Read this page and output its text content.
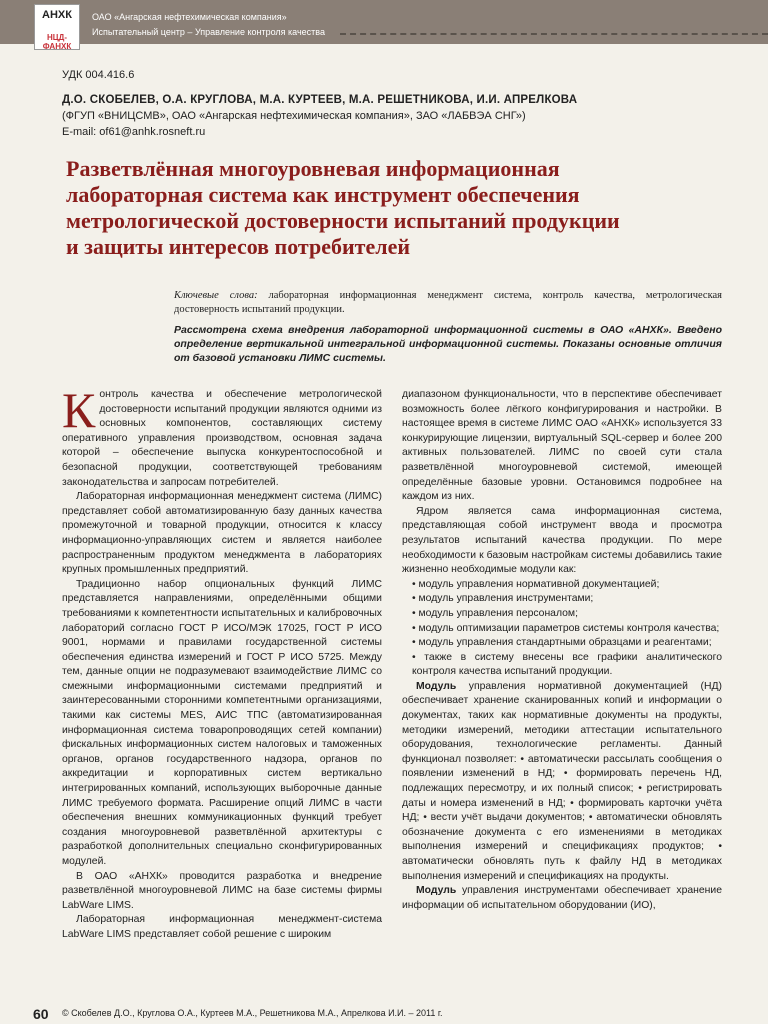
АНХК
НЦД-ФАНХК
ОАО «Ангарская нефтехимическая компания»
Испытательный центр – Управление контроля качества
УДК 004.416.6
Д.О. СКОБЕЛЕВ, О.А. КРУГЛОВА, М.А. КУРТЕЕВ, М.А. РЕШЕТНИКОВА, И.И. АПРЕЛКОВА
(ФГУП «ВНИЦСМВ», ОАО «Ангарская нефтехимическая компания», ЗАО «ЛАБВЭА СНГ»)
E-mail: of61@anhk.rosneft.ru
Разветвлённая многоуровневая информационная
лабораторная система как инструмент обеспечения
метрологической достоверности испытаний продукции
и защиты интересов потребителей
Ключевые слова: лабораторная информационная менеджмент система, контроль качества, метрологическая достоверность испытаний продукции.
Рассмотрена схема внедрения лабораторной информационной системы в ОАО «АНХК». Введено определение вертикальной интегральной информационной системы. Показаны основные отличия от базовой установки ЛИМС системы.

Контроль качества и обеспечение метрологической достоверности испытаний продукции являются одними из основных компонентов, составляющих систему оперативного управления производством, основная задача которой – обеспечение выпуска конкурентоспособной и безопасной продукции, соответствующей требованиям законодательства и запросам потребителей.

Лабораторная информационная менеджмент система (ЛИМС) представляет собой автоматизированную базу данных качества промежуточной и товарной продукции, относится к классу информационно-управляющих систем и является наиболее распространенным продуктом менеджмента в лабораториях крупных промышленных предприятий.

Традиционно набор опциональных функций ЛИМС представляется направлениями, определёнными общими требованиями к компетентности испытательных и калибровочных лабораторий согласно ГОСТ Р ИСО/МЭК 17025, ГОСТ Р ИСО 9001, нормами и правилами государственной системы обеспечения единства измерений и ГОСТ Р ИСО 5725. Между тем, данные опции не подразумевают взаимодействие ЛИМС со смежными информационными системами предприятий и заинтересованными сторонними компетентными организациями, такими как системы MES, АИС ТПС (автоматизированная информационная система товаропроводящих сетей компании) фискальных информационных систем налоговых и таможенных органов, органов государственного надзора, органов по аккредитации и корпоративных систем вертикально интегрированных компаний, использующих выборочные данные ЛИМС требуемого формата. Расширение опций ЛИМС в части обеспечения внешних коммуникационных функций требует создания многоуровневой разветвлённой архитектуры с разработкой дополнительных специально сконфигурированных модулей.

В ОАО «АНХК» проводится разработка и внедрение разветвлённой многоуровневой ЛИМС на базе системы фирмы LabWare LIMS.

Лабораторная информационная менеджмент-система LabWare LIMS представляет собой решение с широким

диапазоном функциональности, что в перспективе обеспечивает возможность более лёгкого конфигурирования и настройки. В настоящее время в системе ЛИМС ОАО «АНХК» используется 33 конкурирующие лицензии, виртуальный SQL-сервер и более 200 активных пользователей. ЛИМС по своей сути стала разветвлённой многоуровневой системой, имеющей определённые базовые уровни. Остановимся подробнее на каждом из них.

Ядром является сама информационная система, представляющая собой инструмент ввода и просмотра результатов испытаний качества продукции. По мере необходимости к базовым настройкам системы добавились такие жизненно необходимые модули как:

• модуль управления нормативной документацией;

• модуль управления инструментами;

• модуль управления персоналом;

• модуль оптимизации параметров системы контроля качества;

• модуль управления стандартными образцами и реагентами;

• также в систему внесены все графики аналитического контроля качества испытаний продукции.

Модуль управления нормативной документацией (НД) обеспечивает хранение сканированных копий и информации о документах, таких как нормативные документы на продукты, методики измерений, методики аттестации испытательного оборудования, технологические регламенты. Данный функционал позволяет: • автоматически рассылать сообщения о появлении изменений в НД; • формировать перечень НД, подлежащих пересмотру, и их полный список; • регистрировать даты и номера изменений в НД; • формировать карточки учёта НД; • вести учёт выдачи документов; • автоматически обновлять обозначение документа с его изменениями в методиках выполнения измерений и спецификациях продуктов; • автоматически обновлять путь к файлу НД в методиках выполнения измерений и спецификациях на продукты.

Модуль управления инструментами обеспечивает хранение информации об испытательном оборудовании (ИО),

60 © Скобелев Д.О., Круглова О.А., Куртеев М.А., Решетникова М.А., Апрелкова И.И. – 2011 г.
